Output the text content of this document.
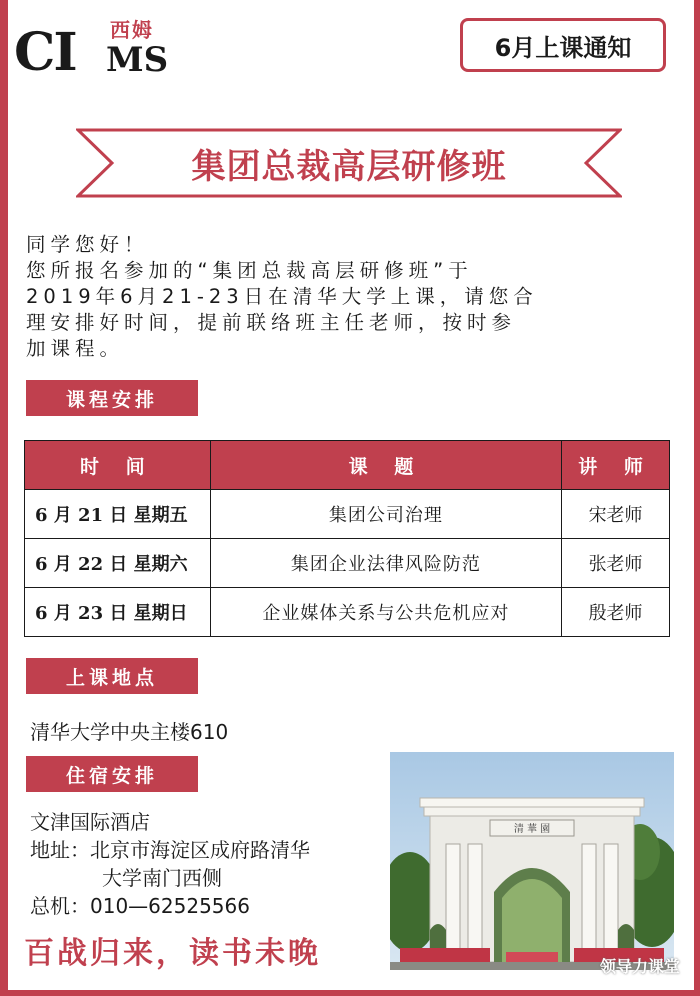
CI 西姆
MS	6月上课通知
集团总裁高层研修班

同学您好！

您所报名参加的“集团总裁高层研修班”于

2019年6月21-23日在清华大学上课，请您合

理安排好时间，提前联络班主任老师，按时参

加课程。

课程安排
时 间	课 题	讲 师
6 月 21 日 星期五	集团公司治理	宋老师
6 月 22 日 星期六	集团企业法律风险防范	张老师
6 月 23 日 星期日	企业媒体关系与公共危机应对	殷老师
上课地点
清华大学中央主楼610
住宿安排
文津国际酒店
地址： 北京市海淀区成府路清华
大学南门西侧
总机： 010—62525566
百战归来，读书未晚
清 華 園
领导力课堂
